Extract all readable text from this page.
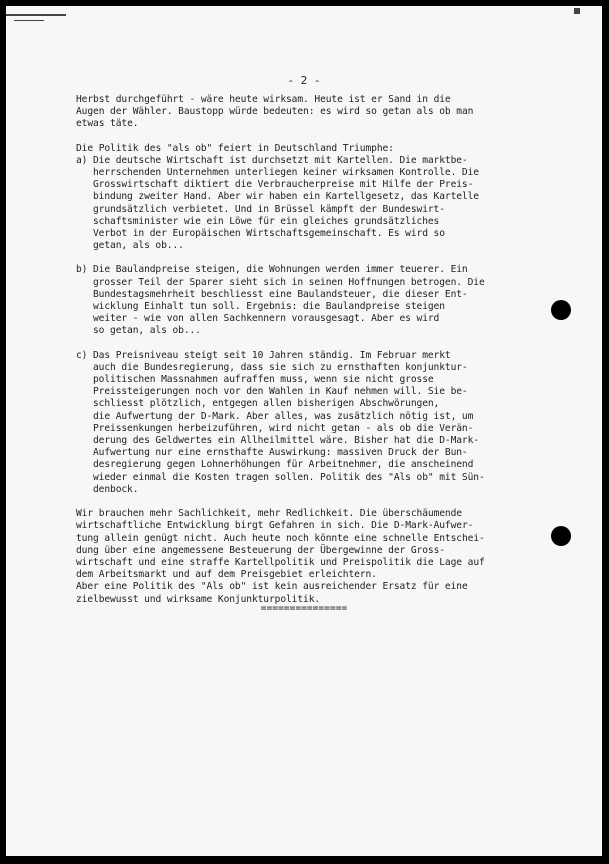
- 2 -

Herbst durchgeführt - wäre heute wirksam. Heute ist er Sand in die
Augen der Wähler. Baustopp würde bedeuten: es wird so getan als ob man
etwas täte.

Die Politik des "als ob" feiert in Deutschland Triumphe:

a) Die deutsche Wirtschaft ist durchsetzt mit Kartellen. Die marktbe-
herrschenden Unternehmen unterliegen keiner wirksamen Kontrolle. Die
Grosswirtschaft diktiert die Verbraucherpreise mit Hilfe der Preis-
bindung zweiter Hand. Aber wir haben ein Kartellgesetz, das Kartelle
grundsätzlich verbietet. Und in Brüssel kämpft der Bundeswirt-
schaftsminister wie ein Löwe für ein gleiches grundsätzliches
Verbot in der Europäischen Wirtschaftsgemeinschaft. Es wird so
getan, als ob...
b) Die Baulandpreise steigen, die Wohnungen werden immer teuerer. Ein
grosser Teil der Sparer sieht sich in seinen Hoffnungen betrogen. Die
Bundestagsmehrheit beschliesst eine Baulandsteuer, die dieser Ent-
wicklung Einhalt tun soll. Ergebnis: die Baulandpreise steigen
weiter - wie von allen Sachkennern vorausgesagt. Aber es wird
so getan, als ob...
c) Das Preisniveau steigt seit 10 Jahren ständig. Im Februar merkt
auch die Bundesregierung, dass sie sich zu ernsthaften konjunktur-
politischen Massnahmen aufraffen muss, wenn sie nicht grosse
Preissteigerungen noch vor den Wahlen in Kauf nehmen will. Sie be-
schliesst plötzlich, entgegen allen bisherigen Abschwörungen,
die Aufwertung der D-Mark. Aber alles, was zusätzlich nötig ist, um
Preissenkungen herbeizuführen, wird nicht getan - als ob die Verän-
derung des Geldwertes ein Allheilmittel wäre. Bisher hat die D-Mark-
Aufwertung nur eine ernsthafte Auswirkung: massiven Druck der Bun-
desregierung gegen Lohnerhöhungen für Arbeitnehmer, die anscheinend
wieder einmal die Kosten tragen sollen. Politik des "Als ob" mit Sün-
denbock.

Wir brauchen mehr Sachlichkeit, mehr Redlichkeit. Die überschäumende
wirtschaftliche Entwicklung birgt Gefahren in sich. Die D-Mark-Aufwer-
tung allein genügt nicht. Auch heute noch könnte eine schnelle Entschei-
dung über eine angemessene Besteuerung der Übergewinne der Gross-
wirtschaft und eine straffe Kartellpolitik und Preispolitik die Lage auf
dem Arbeitsmarkt und auf dem Preisgebiet erleichtern.
Aber eine Politik des "Als ob" ist kein ausreichender Ersatz für eine
zielbewusst und wirksame Konjunkturpolitik.

===============
